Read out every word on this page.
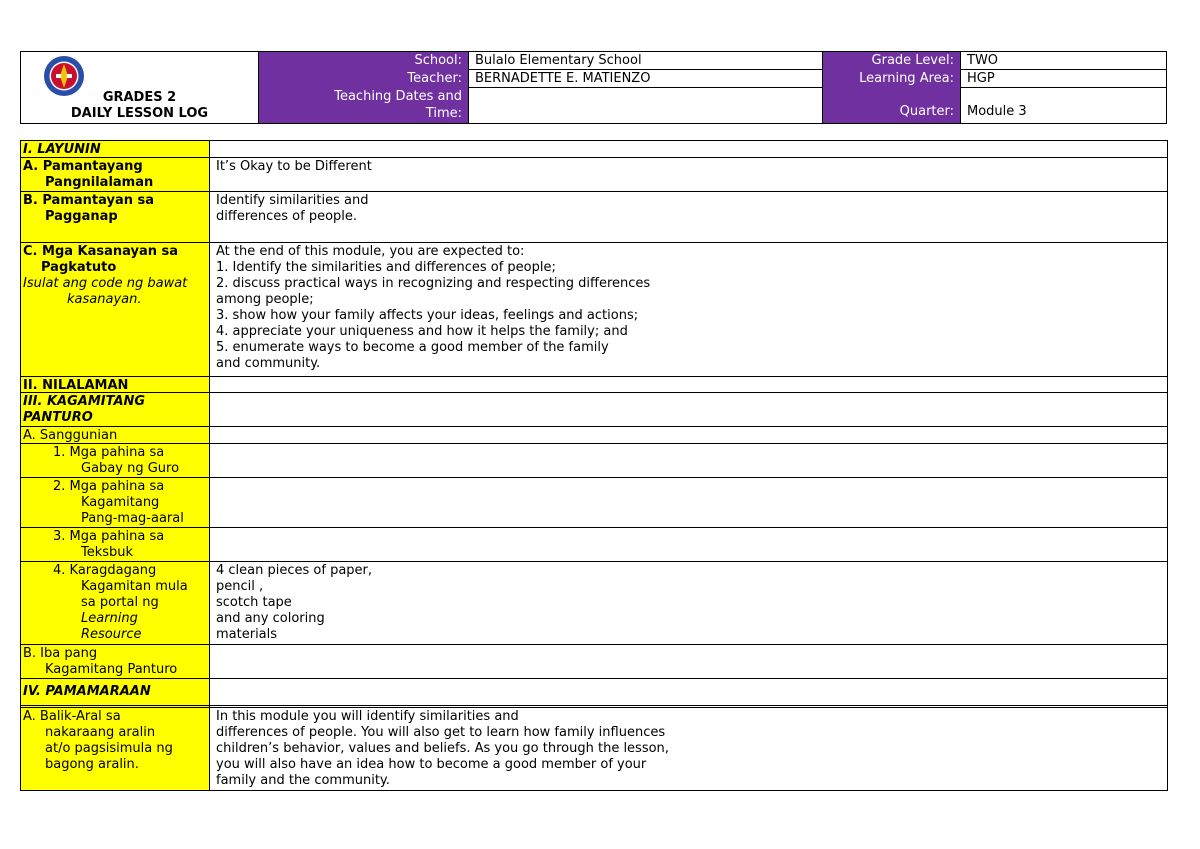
GRADES 2
DAILY LESSON LOG
School:
Teacher:
Teaching Dates and
Time:
Bulalo Elementary School
BERNADETTE E. MATIENZO
Grade Level:
Learning Area:
Quarter:
TWO
HGP
Module 3
I. LAYUNIN
A. Pamantayang
Pangnilalaman
It’s Okay to be Different
B. Pamantayan sa
Pagganap
Identify similarities and
differences of people.
C. Mga Kasanayan sa
Pagkatuto
Isulat ang code ng bawat
kasanayan.
At the end of this module, you are expected to:
1. Identify the similarities and differences of people;
2. discuss practical ways in recognizing and respecting differences
among people;
3. show how your family affects your ideas, feelings and actions;
4. appreciate your uniqueness and how it helps the family; and
5. enumerate ways to become a good member of the family
and community.
II. NILALAMAN
III. KAGAMITANG
PANTURO
A. Sanggunian
1. Mga pahina sa
Gabay ng Guro
2. Mga pahina sa
Kagamitang
Pang-mag-aaral
3. Mga pahina sa
Teksbuk
4. Karagdagang
Kagamitan mula
sa portal ng
Learning
Resource
4 clean pieces of paper,
pencil ,
scotch tape
and any coloring
materials
B. Iba pang
Kagamitang Panturo
IV. PAMAMARAAN
A. Balik-Aral sa
nakaraang aralin
at/o pagsisimula ng
bagong aralin.
In this module you will identify similarities and
differences of people. You will also get to learn how family influences
children’s behavior, values and beliefs. As you go through the lesson,
you will also have an idea how to become a good member of your
family and the community.
